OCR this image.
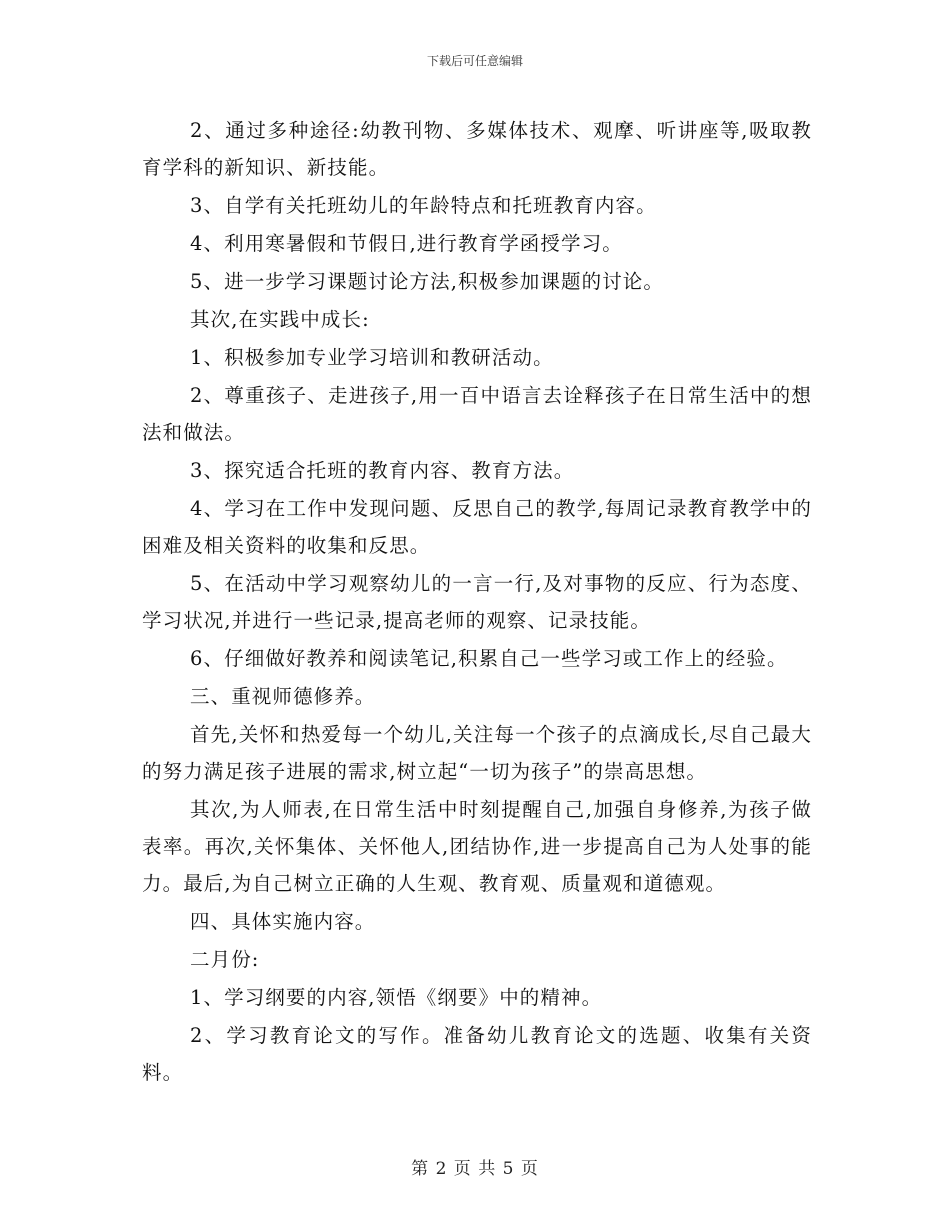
下载后可任意编辑

2、通过多种途径:幼教刊物、多媒体技术、观摩、听讲座等,吸取教育学科的新知识、新技能。

3、自学有关托班幼儿的年龄特点和托班教育内容。

4、利用寒暑假和节假日,进行教育学函授学习。

5、进一步学习课题讨论方法,积极参加课题的讨论。

其次,在实践中成长:

1、积极参加专业学习培训和教研活动。

2、尊重孩子、走进孩子,用一百中语言去诠释孩子在日常生活中的想法和做法。

3、探究适合托班的教育内容、教育方法。

4、学习在工作中发现问题、反思自己的教学,每周记录教育教学中的困难及相关资料的收集和反思。

5、在活动中学习观察幼儿的一言一行,及对事物的反应、行为态度、学习状况,并进行一些记录,提高老师的观察、记录技能。

6、仔细做好教养和阅读笔记,积累自己一些学习或工作上的经验。

三、重视师德修养。

首先,关怀和热爱每一个幼儿,关注每一个孩子的点滴成长,尽自己最大的努力满足孩子进展的需求,树立起“一切为孩子”的崇高思想。

其次,为人师表,在日常生活中时刻提醒自己,加强自身修养,为孩子做表率。再次,关怀集体、关怀他人,团结协作,进一步提高自己为人处事的能力。最后,为自己树立正确的人生观、教育观、质量观和道德观。

四、具体实施内容。

二月份:

1、学习纲要的内容,领悟《纲要》中的精神。

2、学习教育论文的写作。准备幼儿教育论文的选题、收集有关资料。

第 2 页 共 5 页
